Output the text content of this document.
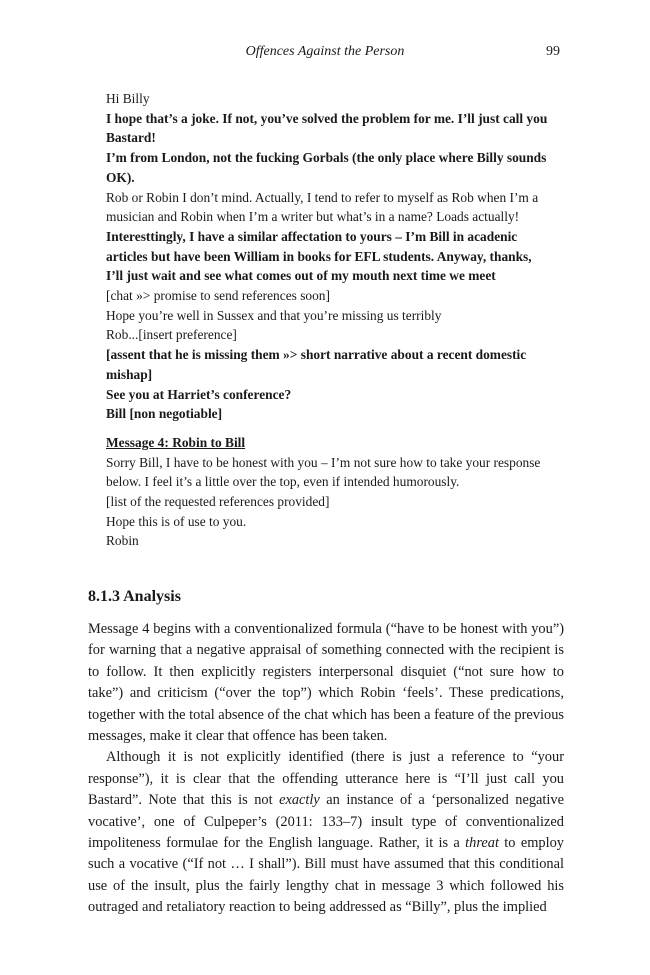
Offences Against the Person	99

Hi Billy

I hope that’s a joke. If not, you’ve solved the problem for me. I’ll just call you Bastard!

I’m from London, not the fucking Gorbals (the only place where Billy sounds OK).

Rob or Robin I don’t mind. Actually, I tend to refer to myself as Rob when I’m a musician and Robin when I’m a writer but what’s in a name? Loads actually!

Interesttingly, I have a similar affectation to yours – I’m Bill in acadenic articles but have been William in books for EFL students. Anyway, thanks, I’ll just wait and see what comes out of my mouth next time we meet

[chat »> promise to send references soon]

Hope you’re well in Sussex and that you’re missing us terribly

Rob...[insert preference]

[assent that he is missing them »> short narrative about a recent domestic mishap]

See you at Harriet’s conference?

Bill [non negotiable]

Message 4: Robin to Bill

Sorry Bill, I have to be honest with you – I’m not sure how to take your response below. I feel it’s a little over the top, even if intended humorously.

[list of the requested references provided]

Hope this is of use to you.

Robin

8.1.3 Analysis

Message 4 begins with a conventionalized formula (“have to be honest with you”) for warning that a negative appraisal of something connected with the recipient is to follow. It then explicitly registers interpersonal disquiet (“not sure how to take”) and criticism (“over the top”) which Robin ‘feels’. These predications, together with the total absence of the chat which has been a feature of the previous messages, make it clear that offence has been taken.

Although it is not explicitly identified (there is just a reference to “your response”), it is clear that the offending utterance here is “I’ll just call you Bastard”. Note that this is not exactly an instance of a ‘personalized negative vocative’, one of Culpeper’s (2011: 133–7) insult type of conventionalized impoliteness formulae for the English language. Rather, it is a threat to employ such a vocative (“If not … I shall”). Bill must have assumed that this conditional use of the insult, plus the fairly lengthy chat in message 3 which followed his outraged and retaliatory reaction to being addressed as “Billy”, plus the implied
